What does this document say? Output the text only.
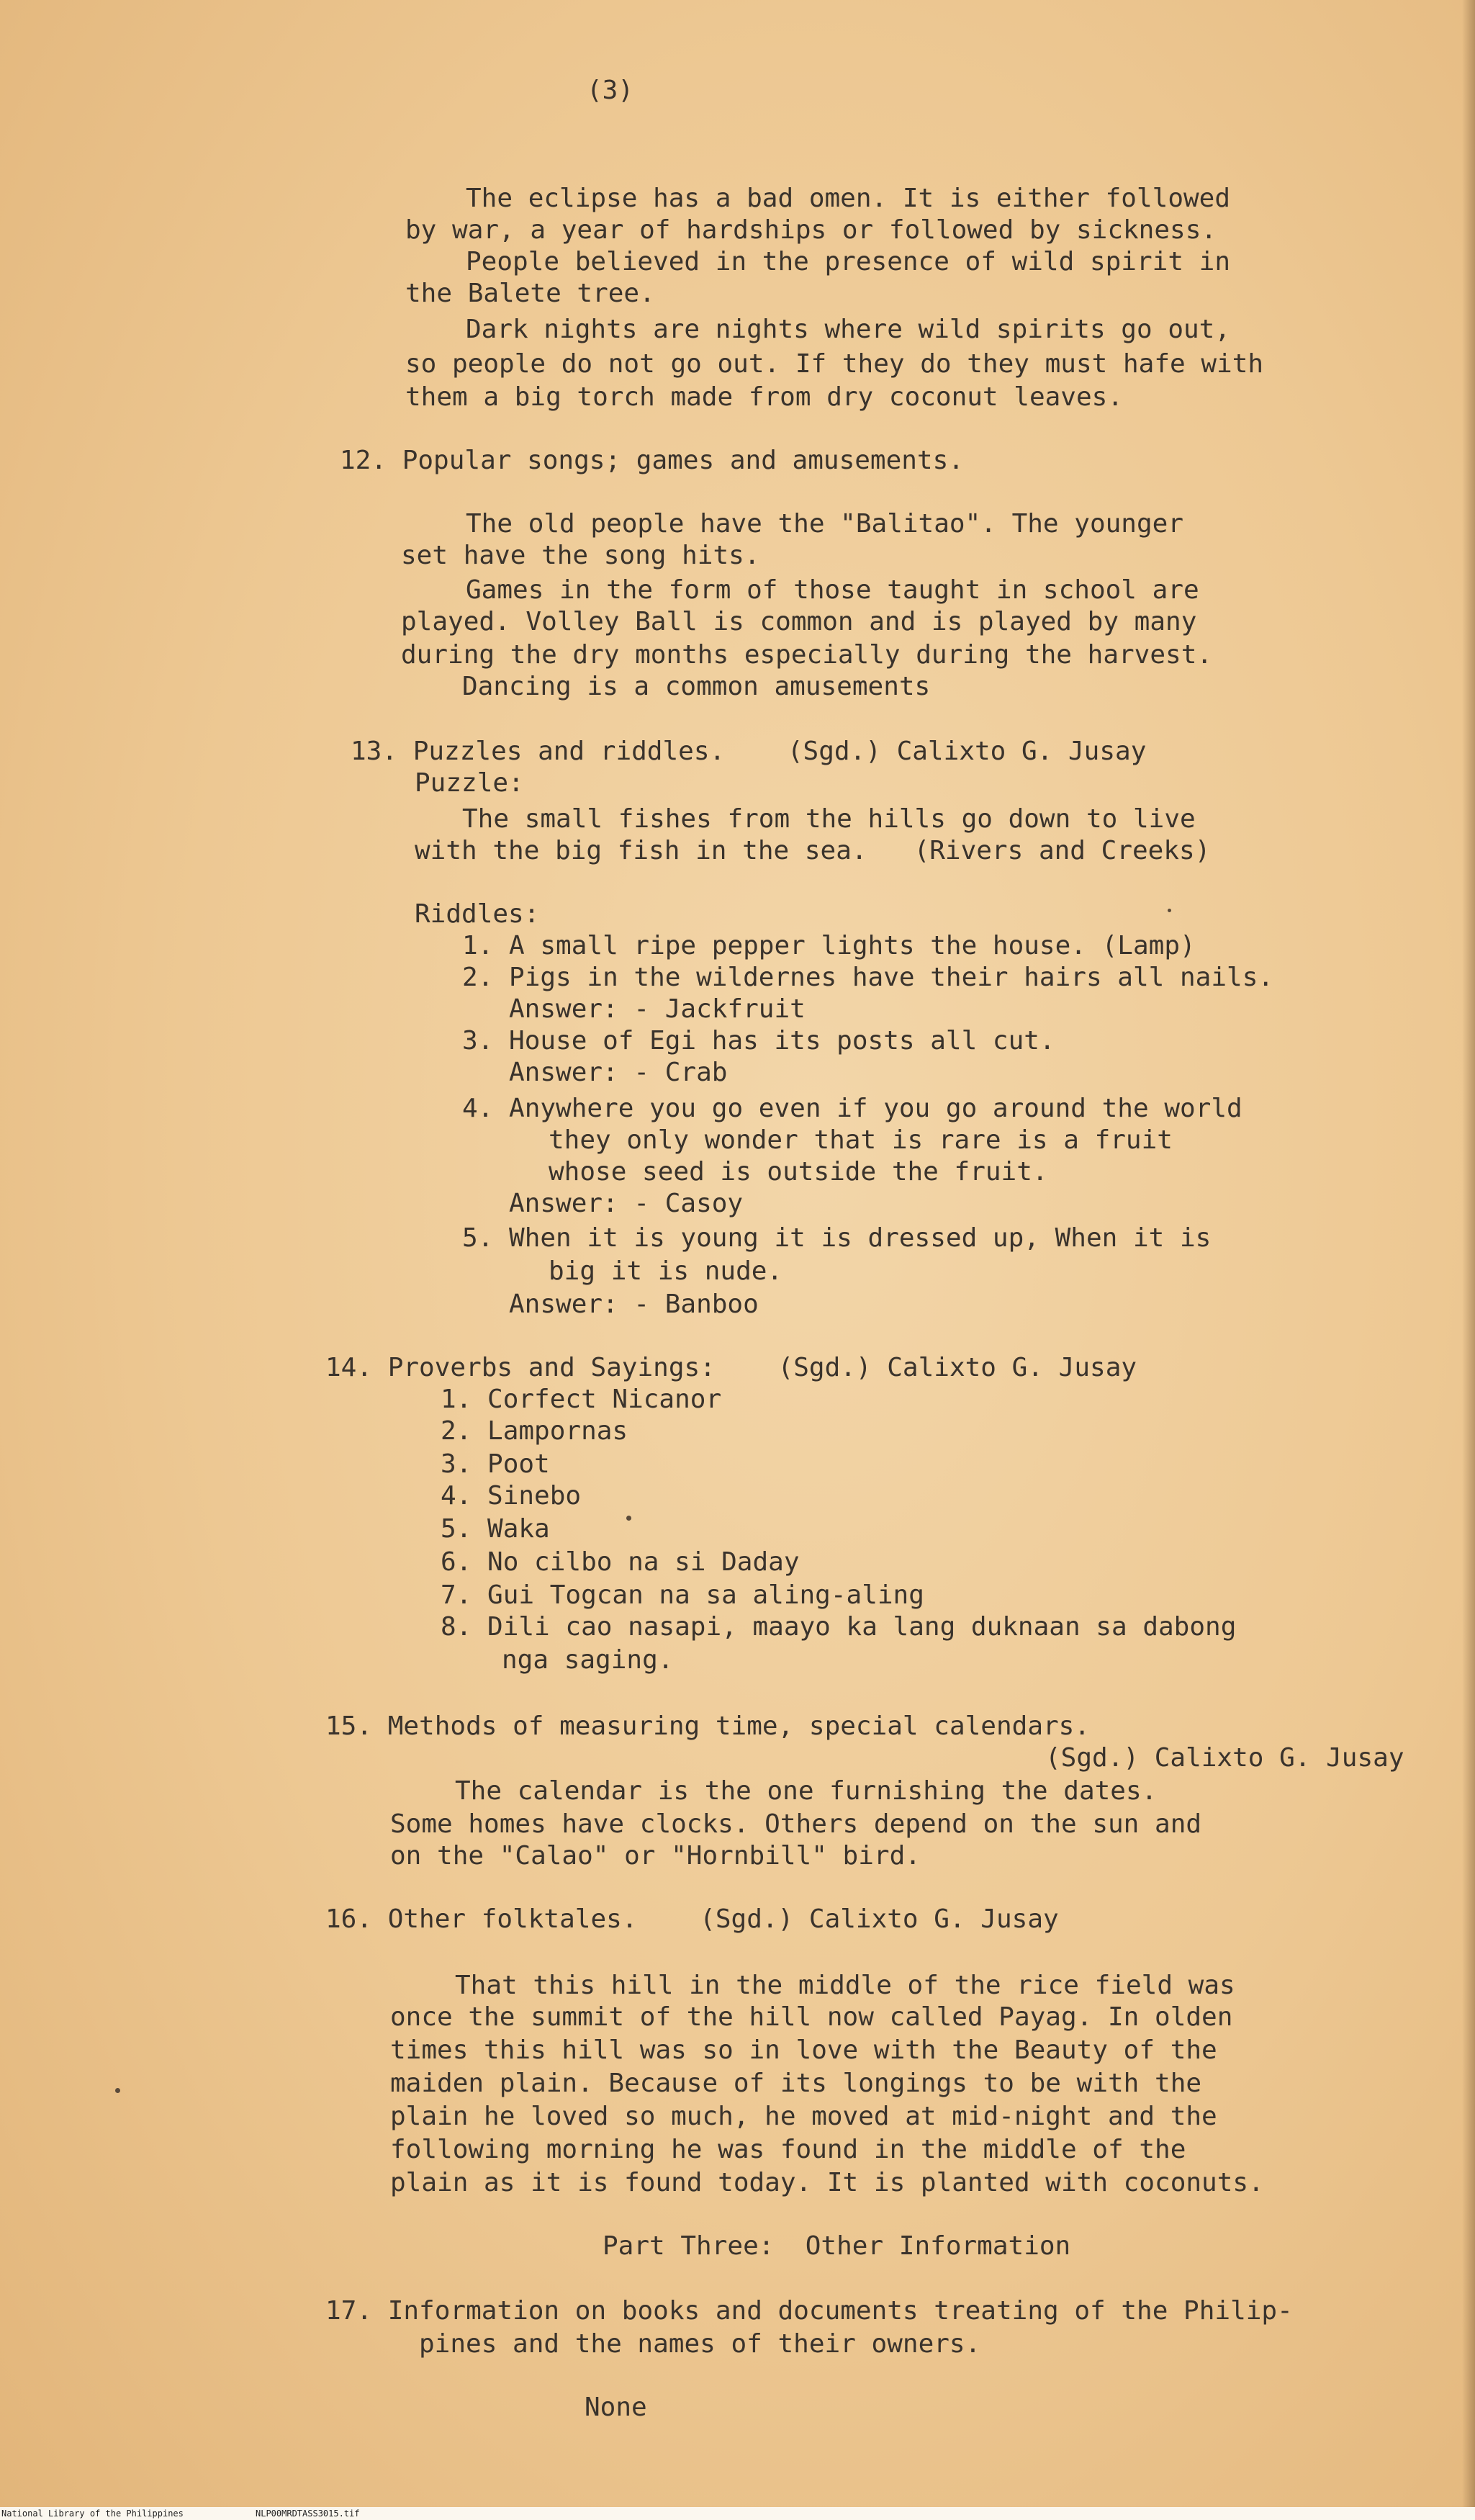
(3)
The eclipse has a bad omen. It is either followed
by war, a year of hardships or followed by sickness.
People believed in the presence of wild spirit in
the Balete tree.
Dark nights are nights where wild spirits go out,
so people do not go out. If they do they must hafe with
them a big torch made from dry coconut leaves.
12. Popular songs; games and amusements.
The old people have the "Balitao". The younger
set have the song hits.
Games in the form of those taught in school are
played. Volley Ball is common and is played by many
during the dry months especially during the harvest.
Dancing is a common amusements
13. Puzzles and riddles.    (Sgd.) Calixto G. Jusay
Puzzle:
The small fishes from the hills go down to live
with the big fish in the sea.   (Rivers and Creeks)
Riddles:
1. A small ripe pepper lights the house. (Lamp)
2. Pigs in the wildernes have their hairs all nails.
Answer: - Jackfruit
3. House of Egi has its posts all cut.
Answer: - Crab
4. Anywhere you go even if you go around the world
they only wonder that is rare is a fruit
whose seed is outside the fruit.
Answer: - Casoy
5. When it is young it is dressed up, When it is
big it is nude.
Answer: - Banboo
14. Proverbs and Sayings:    (Sgd.) Calixto G. Jusay
1. Corfect Nicanor
2. Lampornas
3. Poot
4. Sinebo
5. Waka
6. No cilbo na si Daday
7. Gui Togcan na sa aling-aling
8. Dili cao nasapi, maayo ka lang duknaan sa dabong
nga saging.
15. Methods of measuring time, special calendars.
(Sgd.) Calixto G. Jusay
The calendar is the one furnishing the dates.
Some homes have clocks. Others depend on the sun and
on the "Calao" or "Hornbill" bird.
16. Other folktales.    (Sgd.) Calixto G. Jusay
That this hill in the middle of the rice field was
once the summit of the hill now called Payag. In olden
times this hill was so in love with the Beauty of the
maiden plain. Because of its longings to be with the
plain he loved so much, he moved at mid-night and the
following morning he was found in the middle of the
plain as it is found today. It is planted with coconuts.
Part Three:  Other Information
17. Information on books and documents treating of the Philip-
pines and the names of their owners.
None
National Library of the Philippines	NLP00MRDTASS3015.tif
